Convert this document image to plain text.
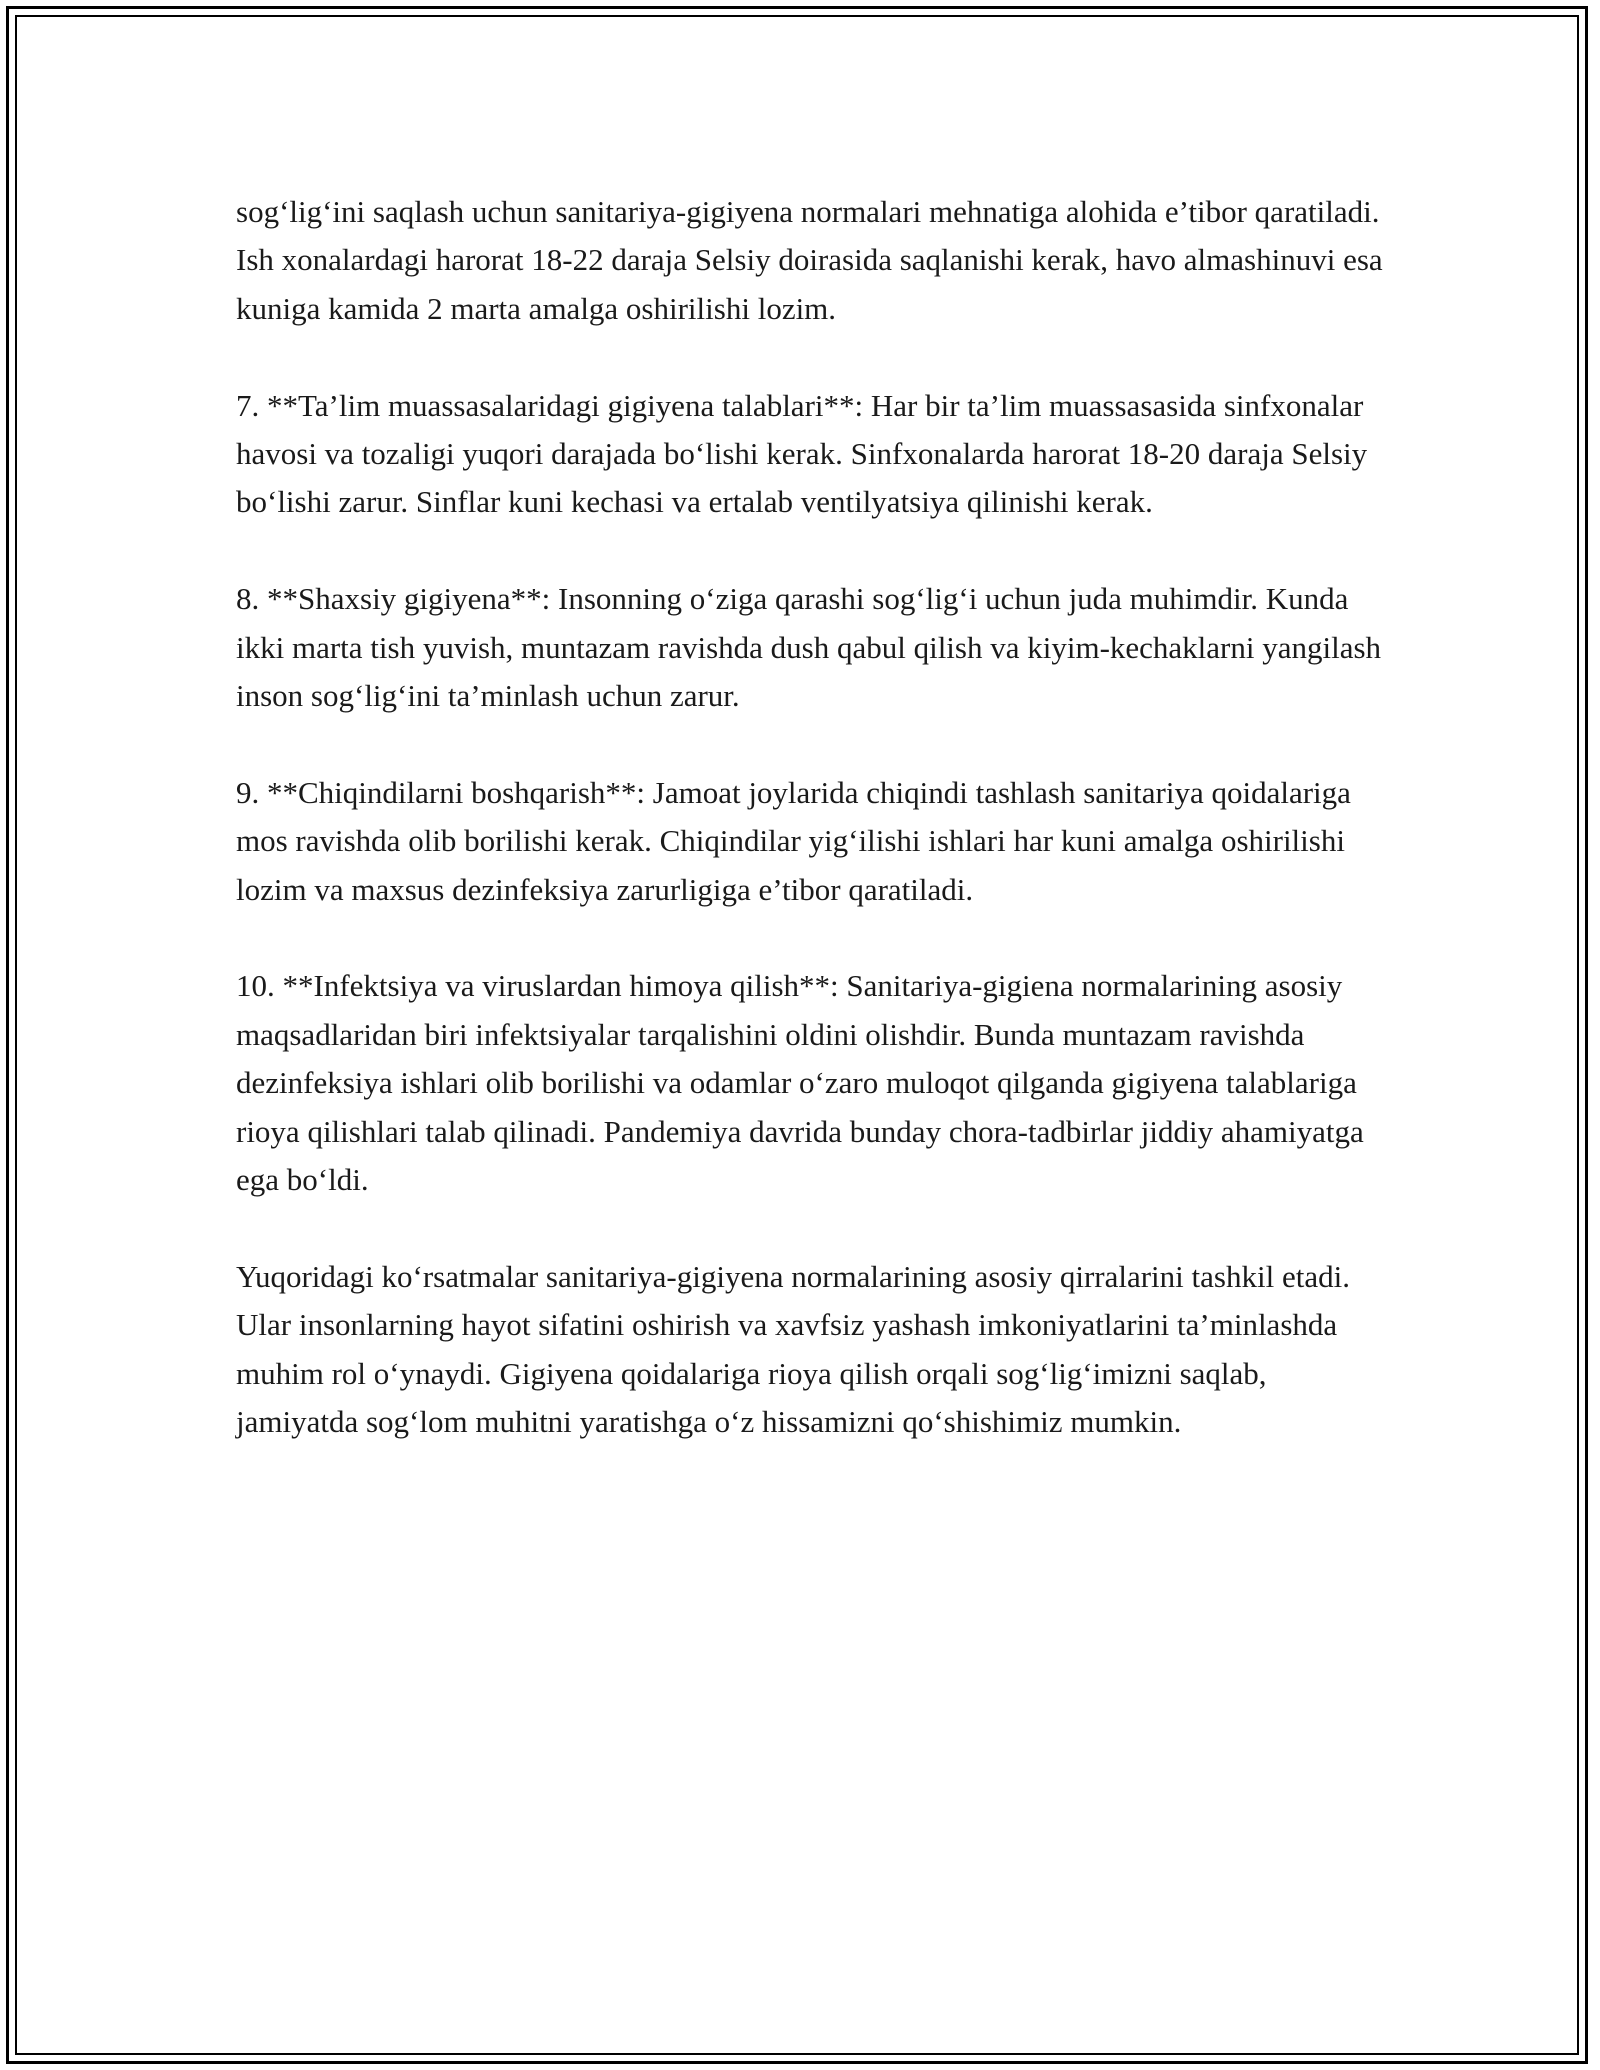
sog‘lig‘ini saqlash uchun sanitariya-gigiyena normalari mehnatiga alohida e’tibor qaratiladi. Ish xonalardagi harorat 18-22 daraja Selsiy doirasida saqlanishi kerak, havo almashinuvi esa kuniga kamida 2 marta amalga oshirilishi lozim.

7. **Ta’lim muassasalaridagi gigiyena talablari**: Har bir ta’lim muassasasida sinfxonalar havosi va tozaligi yuqori darajada bo‘lishi kerak. Sinfxonalarda harorat 18-20 daraja Selsiy bo‘lishi zarur. Sinflar kuni kechasi va ertalab ventilyatsiya qilinishi kerak.

8. **Shaxsiy gigiyena**: Insonning o‘ziga qarashi sog‘lig‘i uchun juda muhimdir. Kunda ikki marta tish yuvish, muntazam ravishda dush qabul qilish va kiyim-kechaklarni yangilash inson sog‘lig‘ini ta’minlash uchun zarur.

9. **Chiqindilarni boshqarish**: Jamoat joylarida chiqindi tashlash sanitariya qoidalariga mos ravishda olib borilishi kerak. Chiqindilar yig‘ilishi ishlari har kuni amalga oshirilishi lozim va maxsus dezinfeksiya zarurligiga e’tibor qaratiladi.

10. **Infektsiya va viruslardan himoya qilish**: Sanitariya-gigiena normalarining asosiy maqsadlaridan biri infektsiyalar tarqalishini oldini olishdir. Bunda muntazam ravishda dezinfeksiya ishlari olib borilishi va odamlar o‘zaro muloqot qilganda gigiyena talablariga rioya qilishlari talab qilinadi. Pandemiya davrida bunday chora-tadbirlar jiddiy ahamiyatga ega bo‘ldi.

Yuqoridagi ko‘rsatmalar sanitariya-gigiyena normalarining asosiy qirralarini tashkil etadi. Ular insonlarning hayot sifatini oshirish va xavfsiz yashash imkoniyatlarini ta’minlashda muhim rol o‘ynaydi. Gigiyena qoidalariga rioya qilish orqali sog‘lig‘imizni saqlab, jamiyatda sog‘lom muhitni yaratishga o‘z hissamizni qo‘shishimiz mumkin.
